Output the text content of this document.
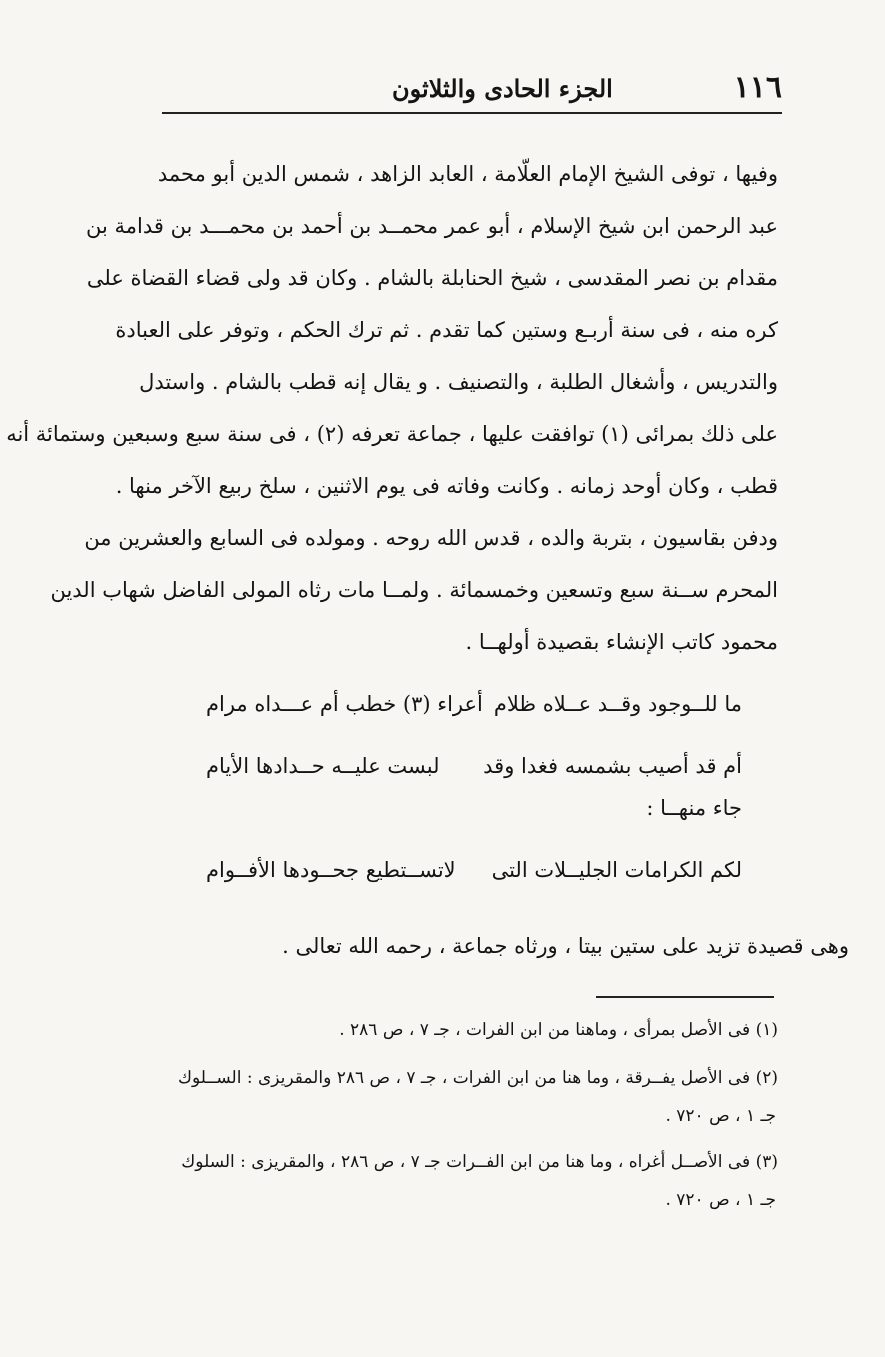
١١٦
الجزء الحادى والثلاثون
وفيها ، توفى الشيخ الإمام العلّامة ، العابد الزاهد ، شمس الدين أبو محمد
عبد الرحمن ابن شيخ الإسلام ، أبو عمر محمــد بن أحمد بن محمـــد بن قدامة بن
مقدام بن نصر المقدسى ، شيخ الحنابلة بالشام . وكان قد ولى قضاء القضاة على
كره منه ، فى سنة أربـع وستين كما تقدم . ثم ترك الحكم ، وتوفر على العبادة
والتدريس ، وأشغال الطلبة ، والتصنيف . و يقال إنه قطب بالشام . واستدل
على ذلك بمرائى (١) توافقت عليها ، جماعة تعرفه (٢) ، فى سنة سبع وسبعين وستمائة أنه
قطب ، وكان أوحد زمانه . وكانت وفاته فى يوم الاثنين ، سلخ ربيع الآخر منها .
ودفن بقاسيون ، بتربة والده ، قدس الله روحه . ومولده فى السابع والعشرين من
المحرم ســنة سبع وتسعين وخمسمائة . ولمــا مات رثاه المولى الفاضل شهاب الدين
محمود كاتب الإنشاء بقصيدة أولهــا .
ما للــوجود وقــد عــلاه ظلام
أعراء (٣) خطب أم عـــداه مرام
أم قد أصيب بشمسه فغدا وقد
لبست عليــه حــدادها الأيام
جاء منهــا :
لكم الكرامات الجليــلات التى
لاتســتطيع جحــودها الأفــوام
وهى قصيدة تزيد على ستين بيتا ، ورثاه جماعة ، رحمه الله تعالى .
(١) فى الأصل بمرأى ، وماهنا من ابن الفرات ، جـ ٧ ، ص ٢٨٦ .
(٢) فى الأصل يفــرقة ، وما هنا من ابن الفرات ، جـ ٧ ، ص ٢٨٦ والمقريزى : الســلوك
جـ ١ ، ص ٧٢٠ .
(٣) فى الأصــل أغراه ، وما هنا من ابن الفــرات جـ ٧ ، ص ٢٨٦ ، والمقريزى : السلوك
جـ ١ ، ص ٧٢٠ .
